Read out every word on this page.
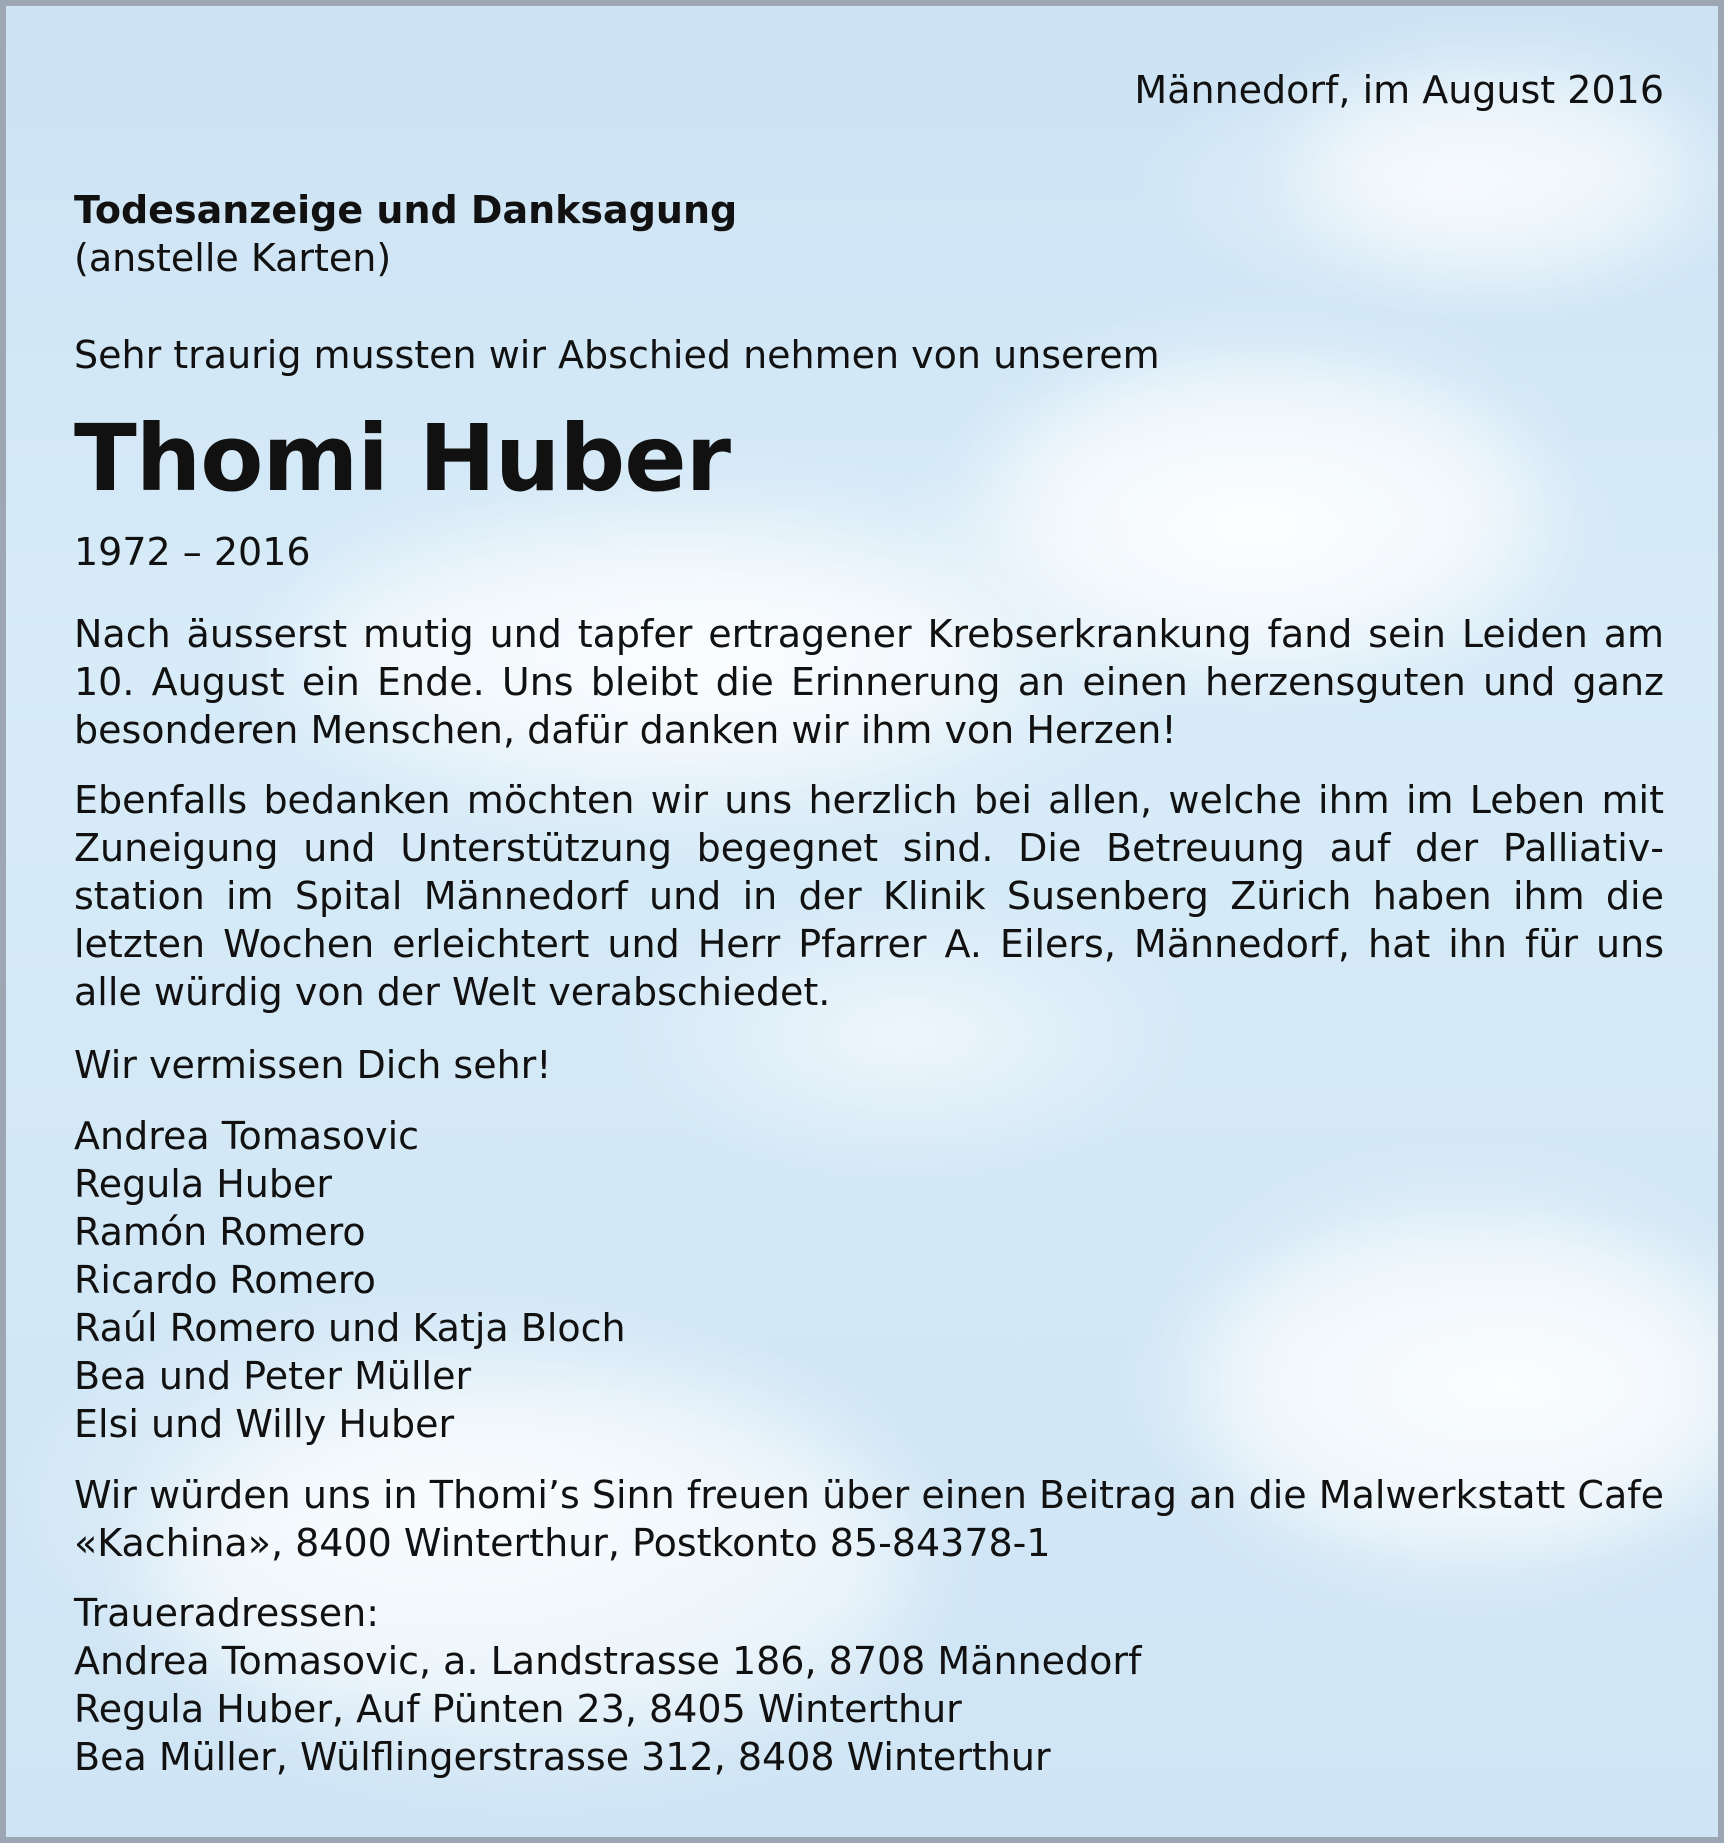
Männedorf, im August 2016
Todesanzeige und Danksagung
(anstelle Karten)
Sehr traurig mussten wir Abschied nehmen von unserem
Thomi Huber
1972 – 2016
Nach äusserst mutig und tapfer ertragener Krebserkrankung fand sein Leiden am 10. August ein Ende. Uns bleibt die Erinnerung an einen herzensguten und ganz besonderen Menschen, dafür danken wir ihm von Herzen!
Ebenfalls bedanken möchten wir uns herzlich bei allen, welche ihm im Leben mit Zuneigung und Unterstützung begegnet sind. Die Betreuung auf der Palliativstation im Spital Männedorf und in der Klinik Susenberg Zürich haben ihm die letzten Wochen erleichtert und Herr Pfarrer A. Eilers, Männedorf, hat ihn für uns alle würdig von der Welt verabschiedet.
Wir vermissen Dich sehr!
Andrea Tomasovic
Regula Huber
Ramón Romero
Ricardo Romero
Raúl Romero und Katja Bloch
Bea und Peter Müller
Elsi und Willy Huber
Wir würden uns in Thomi’s Sinn freuen über einen Beitrag an die Malwerkstatt Cafe «Kachina», 8400 Winterthur, Postkonto 85-84378-1
Traueradressen:
Andrea Tomasovic, a. Landstrasse 186, 8708 Männedorf
Regula Huber, Auf Pünten 23, 8405 Winterthur
Bea Müller, Wülflingerstrasse 312, 8408 Winterthur
